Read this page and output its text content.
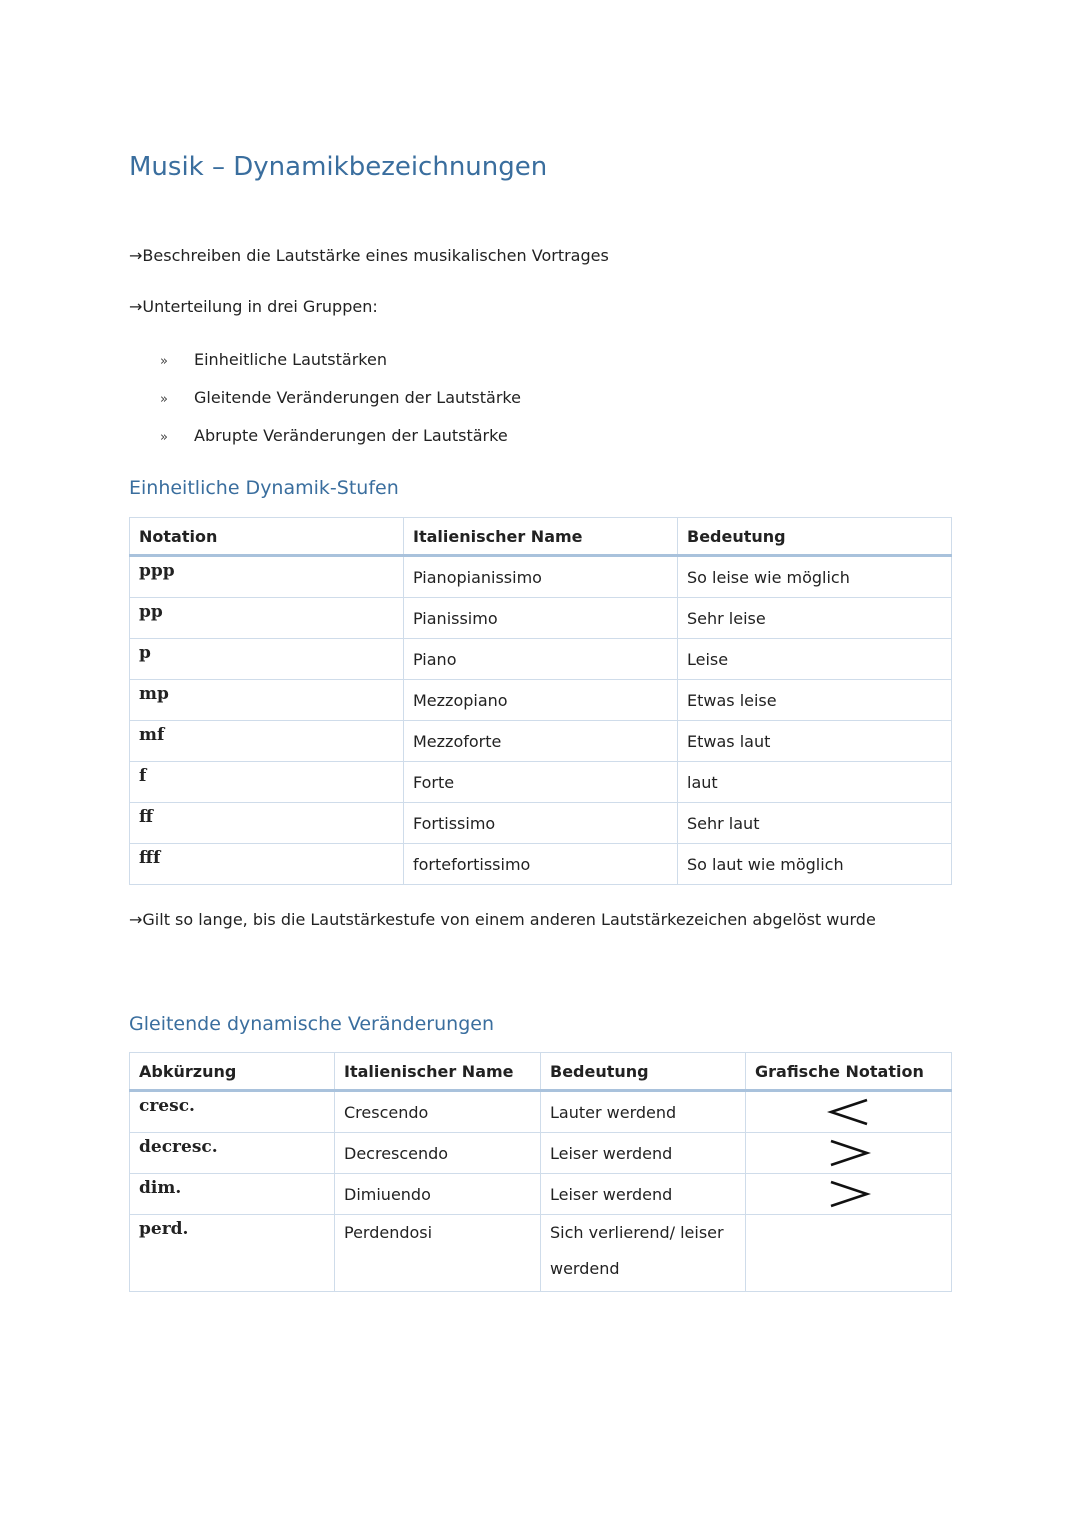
Musik – Dynamikbezeichnungen
→Beschreiben die Lautstärke eines musikalischen Vortrages
→Unterteilung in drei Gruppen:
» Einheitliche Lautstärken
» Gleitende Veränderungen der Lautstärke
» Abrupte Veränderungen der Lautstärke
Einheitliche Dynamik-Stufen
Notation	Italienischer Name	Bedeutung
ppp	Pianopianissimo	So leise wie möglich
pp	Pianissimo	Sehr leise
p	Piano	Leise
mp	Mezzopiano	Etwas leise
mf	Mezzoforte	Etwas laut
f	Forte	laut
ff	Fortissimo	Sehr laut
fff	fortefortissimo	So laut wie möglich
→Gilt so lange, bis die Lautstärkestufe von einem anderen Lautstärkezeichen abgelöst wurde
Gleitende dynamische Veränderungen
Abkürzung	Italienischer Name	Bedeutung	Grafische Notation
cresc.	Crescendo	Lauter werdend	

decresc.	Decrescendo	Leiser werdend	

dim.	Dimiuendo	Leiser werdend	

perd.	Perdendosi	Sich verlierend/ leiser werdend	
